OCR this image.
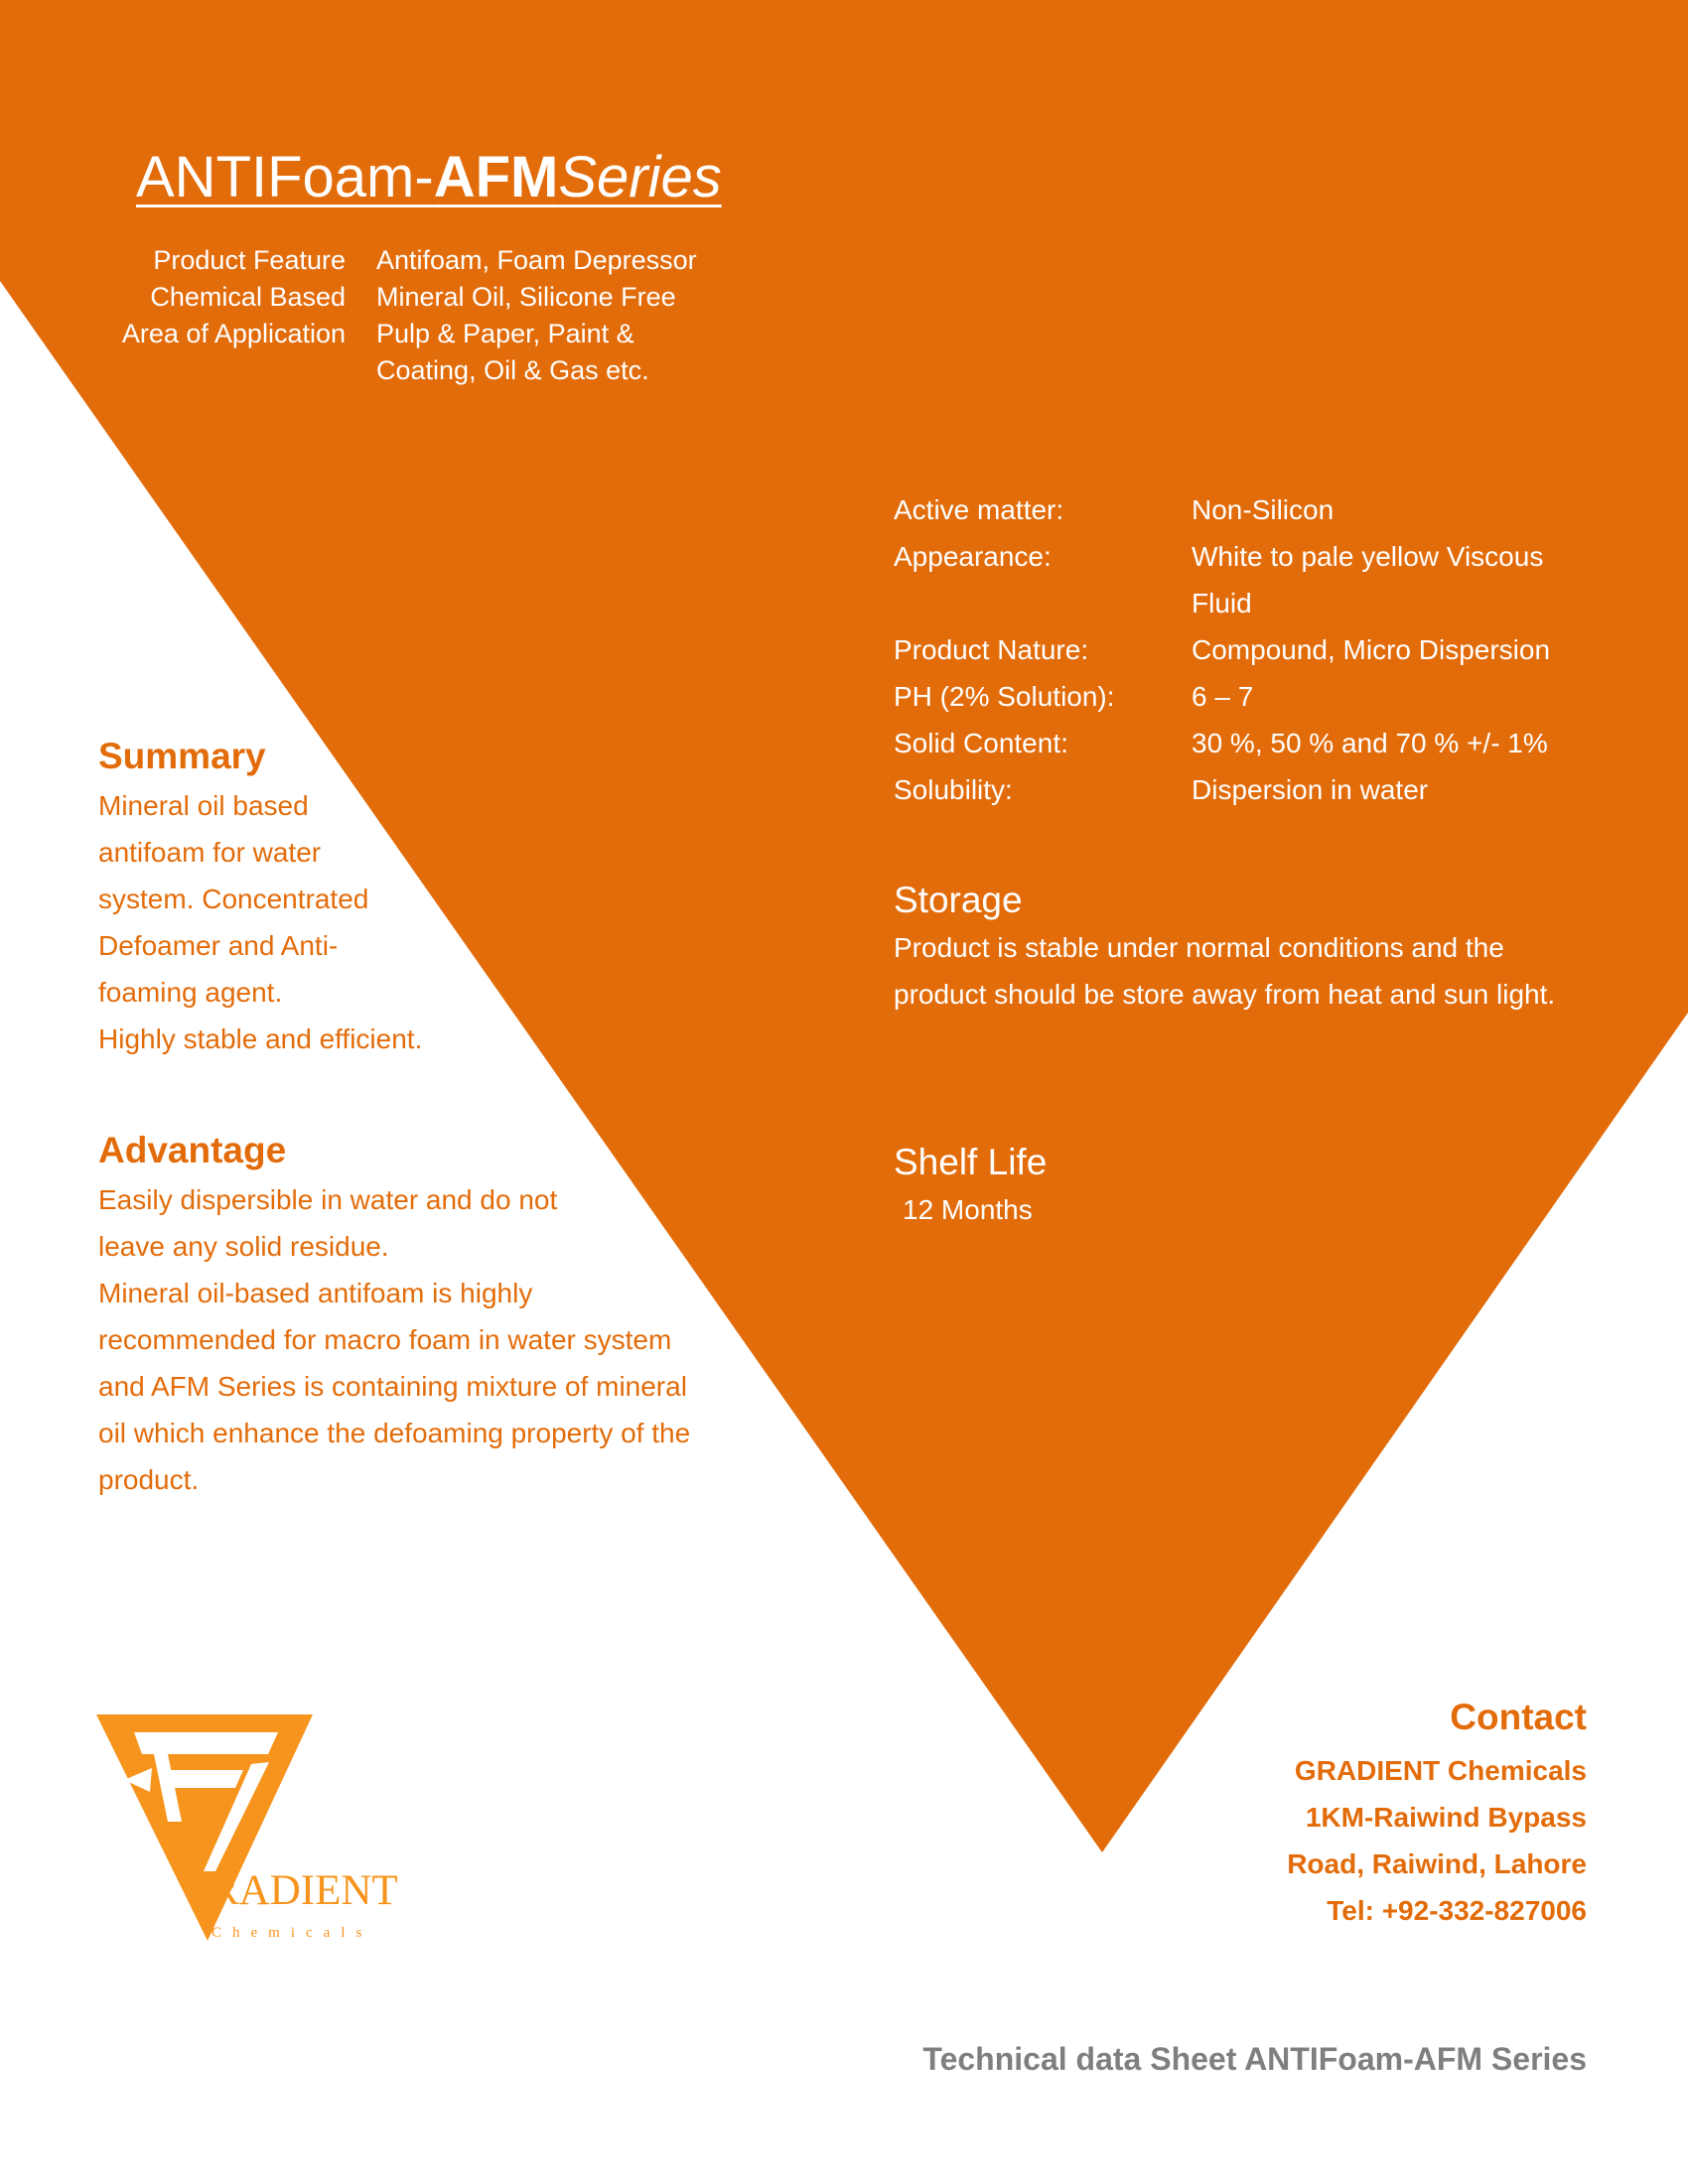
ANTIFoam-AFMSeries
Product Feature Antifoam, Foam Depressor
Chemical Based Mineral Oil, Silicone Free
Area of Application Pulp & Paper, Paint & Coating, Oil & Gas etc.
Active matter:	Non-Silicon
Appearance:	White to pale yellow Viscous Fluid
Product Nature:	Compound, Micro Dispersion
PH (2% Solution):	6 – 7
Solid Content:	30 %, 50 % and 70 % +/- 1%
Solubility:	Dispersion in water
Storage

Product is stable under normal conditions and the product should be store away from heat and sun light.

Shelf Life

12 Months

Summary

Mineral oil based
antifoam for water
system. Concentrated
Defoamer and Anti-
foaming agent.
Highly stable and efficient.

Advantage

Easily dispersible in water and do not
leave any solid residue.
Mineral oil-based antifoam is highly
recommended for macro foam in water system
and AFM Series is containing mixture of mineral
oil which enhance the defoaming property of the
product.

RADIENT
Chemicals
Contact
GRADIENT Chemicals
1KM-Raiwind Bypass
Road, Raiwind, Lahore
Tel: +92-332-827006
Technical data Sheet ANTIFoam-AFM Series
